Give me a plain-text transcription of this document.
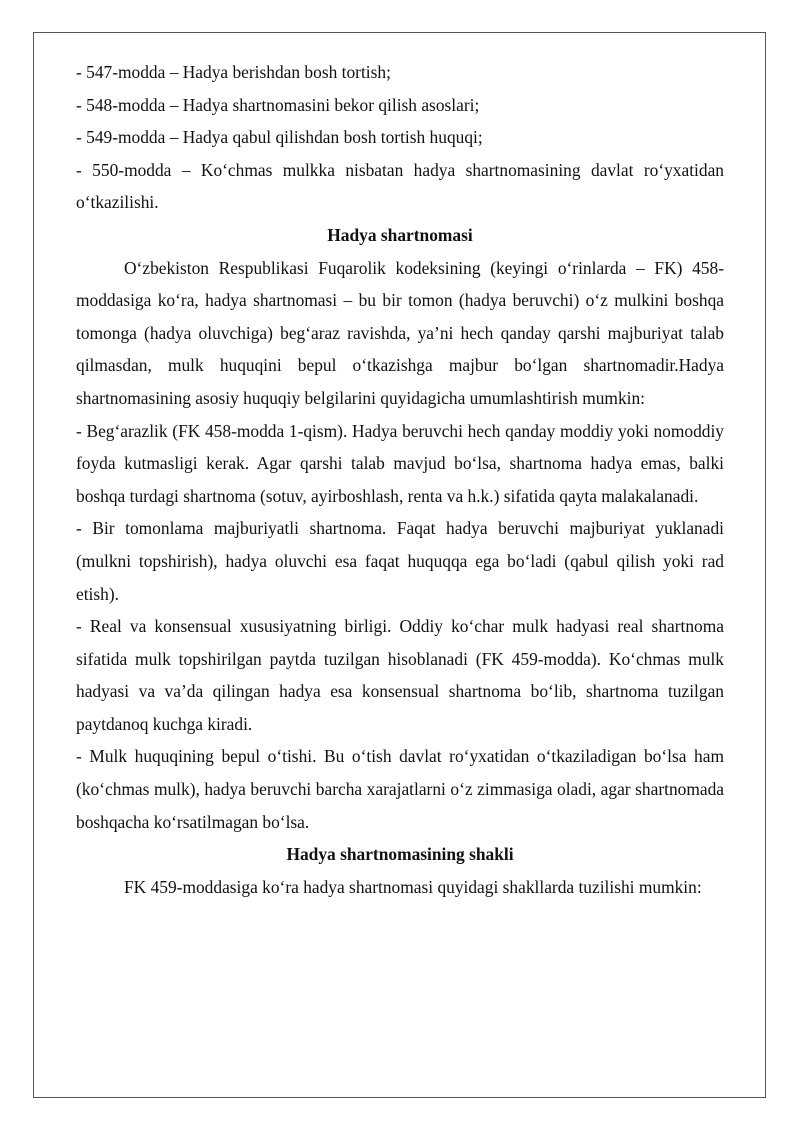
- 547-modda – Hadya berishdan bosh tortish;

- 548-modda – Hadya shartnomasini bekor qilish asoslari;

- 549-modda – Hadya qabul qilishdan bosh tortish huquqi;

- 550-modda – Ko‘chmas mulkka nisbatan hadya shartnomasining davlat ro‘yxatidan o‘tkazilishi.

Hadya shartnomasi

O‘zbekiston Respublikasi Fuqarolik kodeksining (keyingi o‘rinlarda – FK) 458-moddasiga ko‘ra, hadya shartnomasi – bu bir tomon (hadya beruvchi) o‘z mulkini boshqa tomonga (hadya oluvchiga) beg‘araz ravishda, ya’ni hech qanday qarshi majburiyat talab qilmasdan, mulk huquqini bepul o‘tkazishga majbur bo‘lgan shartnomadir.Hadya shartnomasining asosiy huquqiy belgilarini quyidagicha umumlashtirish mumkin:

- Beg‘arazlik (FK 458-modda 1-qism). Hadya beruvchi hech qanday moddiy yoki nomoddiy foyda kutmasligi kerak. Agar qarshi talab mavjud bo‘lsa, shartnoma hadya emas, balki boshqa turdagi shartnoma (sotuv, ayirboshlash, renta va h.k.) sifatida qayta malakalanadi.

- Bir tomonlama majburiyatli shartnoma. Faqat hadya beruvchi majburiyat yuklanadi (mulkni topshirish), hadya oluvchi esa faqat huquqqa ega bo‘ladi (qabul qilish yoki rad etish).

- Real va konsensual xususiyatning birligi. Oddiy ko‘char mulk hadyasi real shartnoma sifatida mulk topshirilgan paytda tuzilgan hisoblanadi (FK 459-modda). Ko‘chmas mulk hadyasi va va’da qilingan hadya esa konsensual shartnoma bo‘lib, shartnoma tuzilgan paytdanoq kuchga kiradi.

- Mulk huquqining bepul o‘tishi. Bu o‘tish davlat ro‘yxatidan o‘tkaziladigan bo‘lsa ham (ko‘chmas mulk), hadya beruvchi barcha xarajatlarni o‘z zimmasiga oladi, agar shartnomada boshqacha ko‘rsatilmagan bo‘lsa.

Hadya shartnomasining shakli

FK 459-moddasiga ko‘ra hadya shartnomasi quyidagi shakllarda tuzilishi mumkin:
